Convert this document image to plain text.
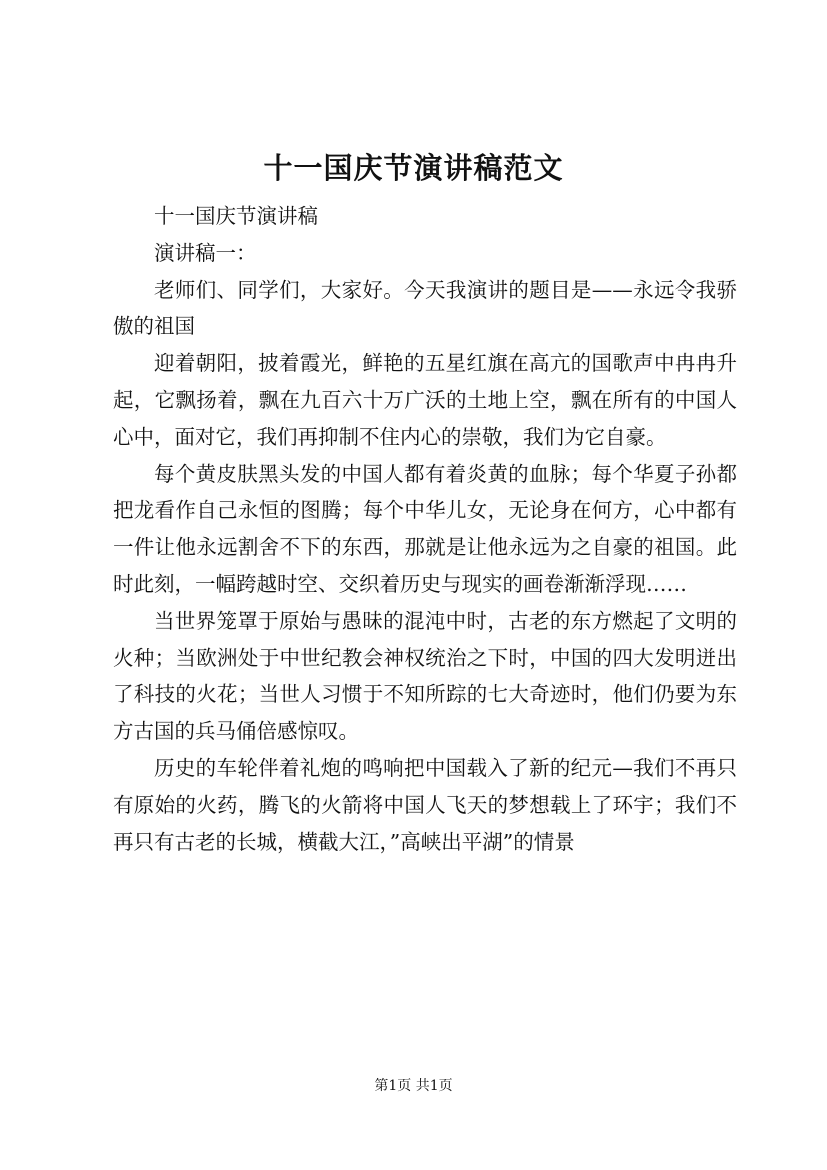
十一国庆节演讲稿范文

十一国庆节演讲稿

演讲稿一：

老师们、同学们，大家好。今天我演讲的题目是——永远令我骄傲的祖国

迎着朝阳，披着霞光，鲜艳的五星红旗在高亢的国歌声中冉冉升起，它飘扬着，飘在九百六十万广沃的土地上空，飘在所有的中国人心中，面对它，我们再抑制不住内心的崇敬，我们为它自豪。

每个黄皮肤黑头发的中国人都有着炎黄的血脉；每个华夏子孙都把龙看作自己永恒的图腾；每个中华儿女，无论身在何方，心中都有一件让他永远割舍不下的东西，那就是让他永远为之自豪的祖国。此时此刻，一幅跨越时空、交织着历史与现实的画卷渐渐浮现……

当世界笼罩于原始与愚昧的混沌中时，古老的东方燃起了文明的火种；当欧洲处于中世纪教会神权统治之下时，中国的四大发明迸出了科技的火花；当世人习惯于不知所踪的七大奇迹时，他们仍要为东方古国的兵马俑倍感惊叹。

历史的车轮伴着礼炮的鸣响把中国载入了新的纪元—我们不再只有原始的火药，腾飞的火箭将中国人飞天的梦想载上了环宇；我们不再只有古老的长城，横截大江，”高峡出平湖”的情景

第1页 共1页
